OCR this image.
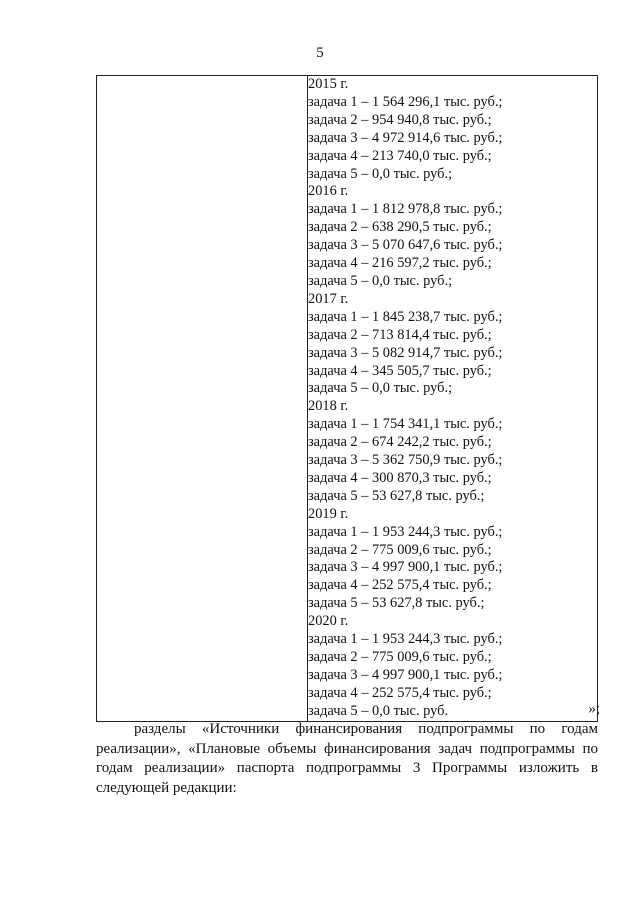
5

2015 г.
задача 1 – 1 564 296,1 тыс. руб.;
задача 2 – 954 940,8 тыс. руб.;
задача 3 – 4 972 914,6 тыс. руб.;
задача 4 – 213 740,0 тыс. руб.;
задача 5 – 0,0 тыс. руб.;
2016 г.
задача 1 – 1 812 978,8 тыс. руб.;
задача 2 – 638 290,5 тыс. руб.;
задача 3 – 5 070 647,6 тыс. руб.;
задача 4 – 216 597,2 тыс. руб.;
задача 5 – 0,0 тыс. руб.;
2017 г.
задача 1 – 1 845 238,7 тыс. руб.;
задача 2 – 713 814,4 тыс. руб.;
задача 3 – 5 082 914,7 тыс. руб.;
задача 4 – 345 505,7 тыс. руб.;
задача 5 – 0,0 тыс. руб.;
2018 г.
задача 1 – 1 754 341,1 тыс. руб.;
задача 2 – 674 242,2 тыс. руб.;
задача 3 – 5 362 750,9 тыс. руб.;
задача 4 – 300 870,3 тыс. руб.;
задача 5 – 53 627,8 тыс. руб.;
2019 г.
задача 1 – 1 953 244,3 тыс. руб.;
задача 2 – 775 009,6 тыс. руб.;
задача 3 – 4 997 900,1 тыс. руб.;
задача 4 – 252 575,4 тыс. руб.;
задача 5 – 53 627,8 тыс. руб.;
2020 г.
задача 1 – 1 953 244,3 тыс. руб.;
задача 2 – 775 009,6 тыс. руб.;
задача 3 – 4 997 900,1 тыс. руб.;
задача 4 – 252 575,4 тыс. руб.;
задача 5 – 0,0 тыс. руб.	»;

разделы «Источники финансирования подпрограммы по годам реализации», «Плановые объемы финансирования задач подпрограммы по годам реализации» паспорта подпрограммы 3 Программы изложить в следующей редакции:
